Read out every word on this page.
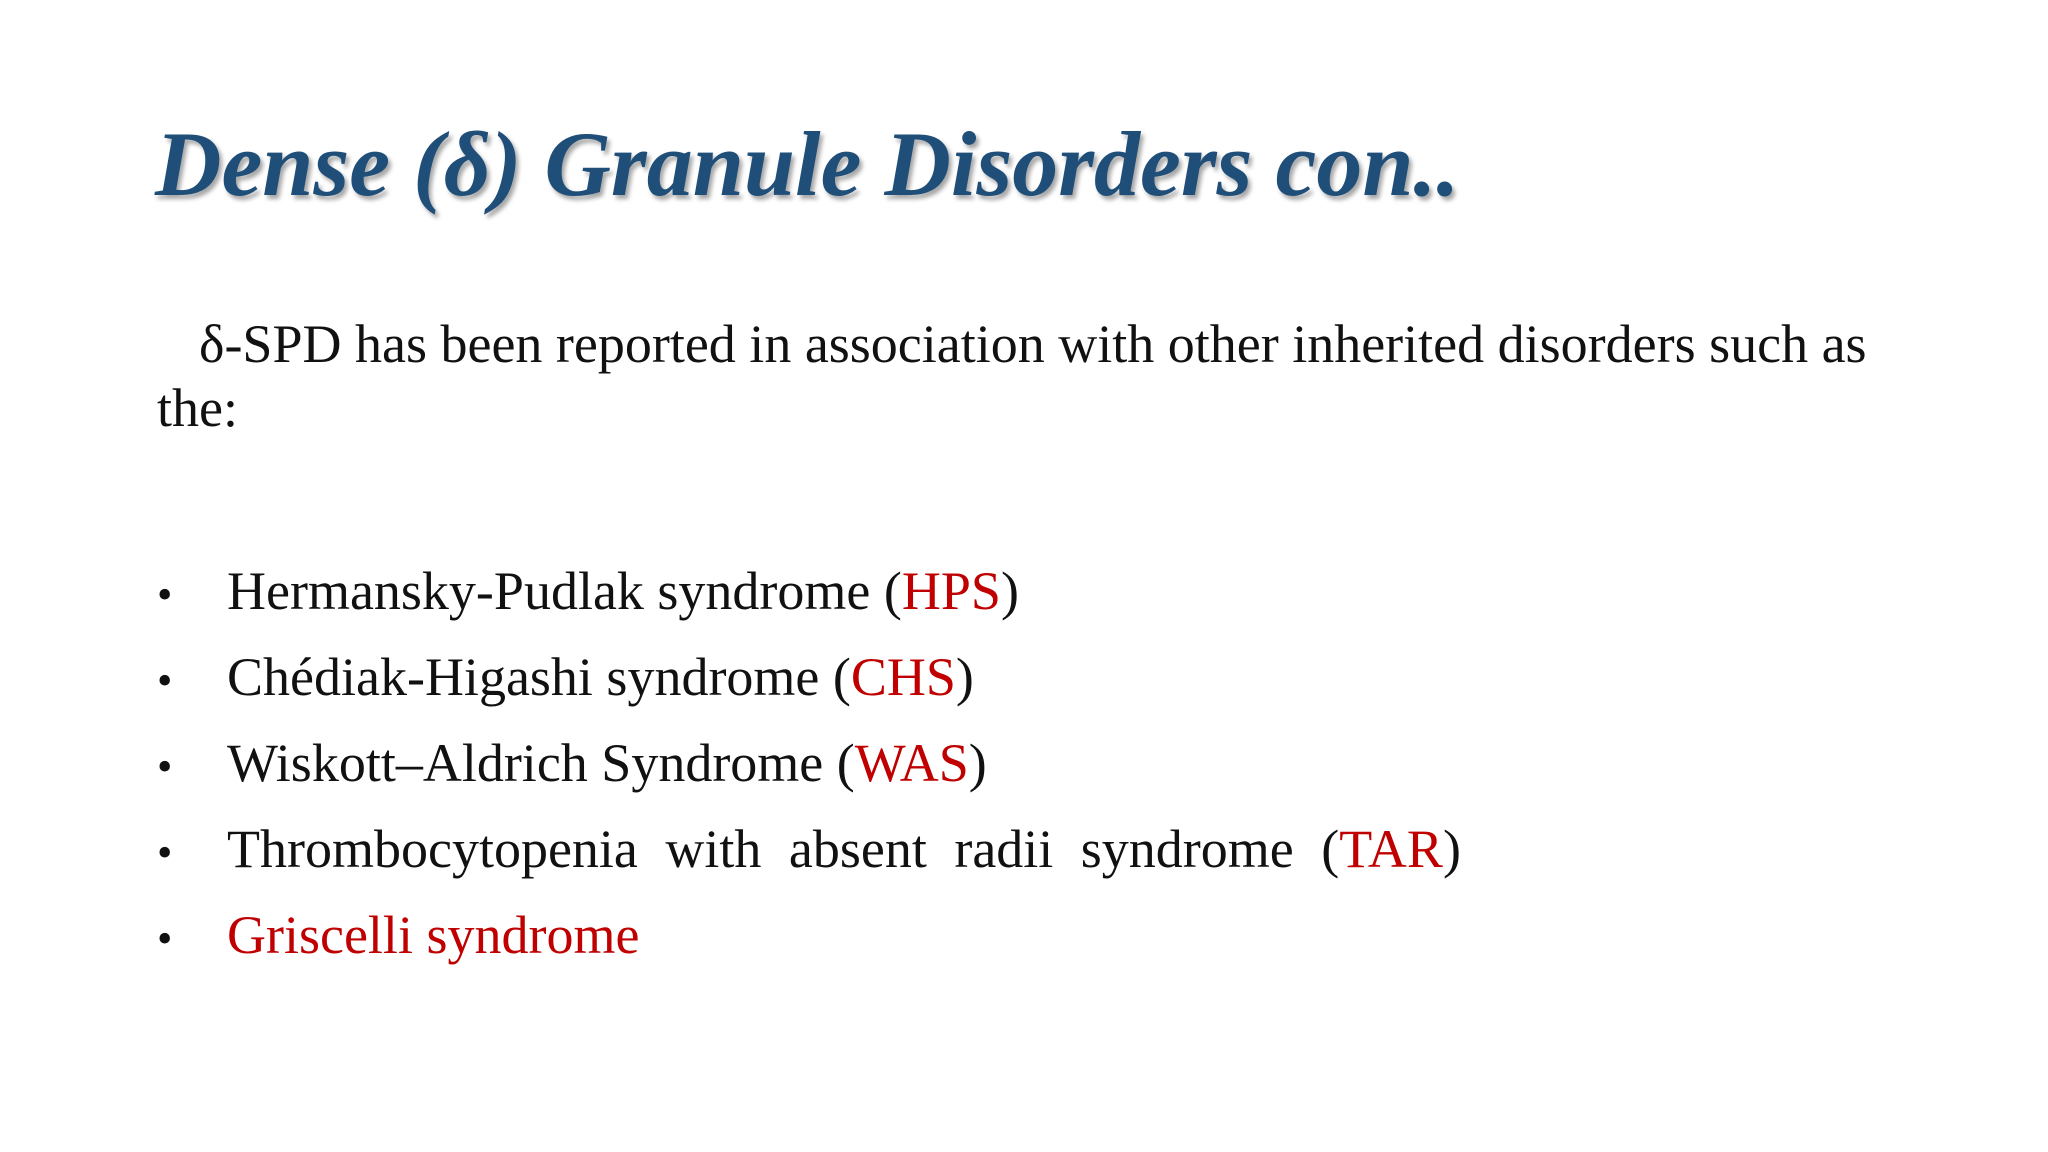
Dense (δ) Granule Disorders con..

δ-SPD has been reported in association with other inherited disorders such as the:

•	Hermansky-Pudlak syndrome ( HPS )
•	Chédiak-Higashi syndrome ( CHS )
•	Wiskott–Aldrich Syndrome ( WAS )
•	Thrombocytopenia with absent radii syndrome ( TAR )
•	Griscelli syndrome
